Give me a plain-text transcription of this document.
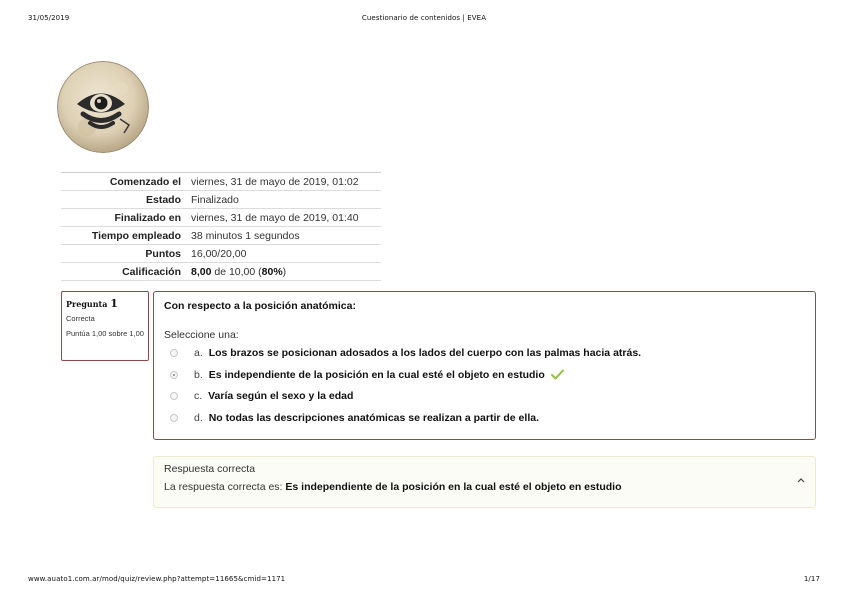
31/05/2019	Cuestionario de contenidos | EVEA
Comenzado el	viernes, 31 de mayo de 2019, 01:02
Estado	Finalizado
Finalizado en	viernes, 31 de mayo de 2019, 01:40
Tiempo empleado	38 minutos 1 segundos
Puntos	16,00/20,00
Calificación	8,00 de 10,00 (80%)
Pregunta 1
Correcta
Puntúa 1,00 sobre 1,00
Con respecto a la posición anatómica:
Seleccione una:
a. Los brazos se posicionan adosados a los lados del cuerpo con las palmas hacia atrás.
b. Es independiente de la posición en la cual esté el objeto en estudio
c. Varía según el sexo y la edad
d. No todas las descripciones anatómicas se realizan a partir de ella.
Respuesta correcta
La respuesta correcta es: Es independiente de la posición en la cual esté el objeto en estudio
www.auato1.com.ar/mod/quiz/review.php?attempt=11665&cmid=1171	1/17
